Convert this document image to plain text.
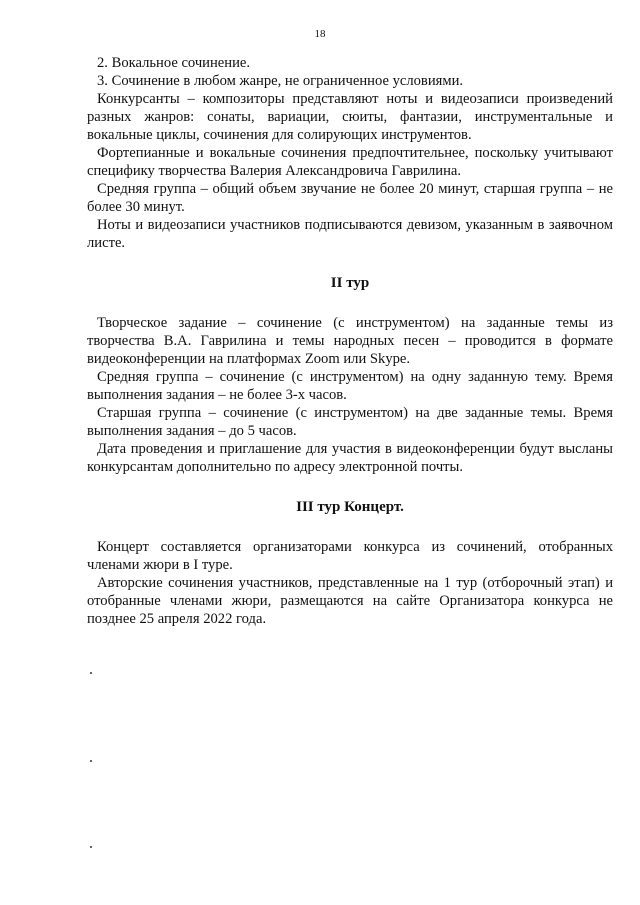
18

2. Вокальное сочинение.

3. Сочинение в любом жанре, не ограниченное условиями.

Конкурсанты – композиторы представляют ноты и видеозаписи произведений разных жанров: сонаты, вариации, сюиты, фантазии, инструментальные и вокальные циклы, сочинения для солирующих инструментов.

Фортепианные и вокальные сочинения предпочтительнее, поскольку учитывают специфику творчества Валерия Александровича Гаврилина.

Средняя группа – общий объем звучание не более 20 минут, старшая группа – не более 30 минут.

Ноты и видеозаписи участников подписываются девизом, указанным в заявочном листе.

II тур

Творческое задание – сочинение (с инструментом) на заданные темы из творчества В.А. Гаврилина и темы народных песен – проводится в формате видеоконференции на платформах Zoom или Skype.

Средняя группа – сочинение (с инструментом) на одну заданную тему. Время выполнения задания – не более 3-х часов.

Старшая группа – сочинение (с инструментом) на две заданные темы. Время выполнения задания – до 5 часов.

Дата проведения и приглашение для участия в видеоконференции будут высланы конкурсантам дополнительно по адресу электронной почты.

III тур Концерт.

Концерт составляется организаторами конкурса из сочинений, отобранных членами жюри в I туре.

Авторские сочинения участников, представленные на 1 тур (отборочный этап) и отобранные членами жюри, размещаются на сайте Организатора конкурса не позднее 25 апреля 2022 года.
